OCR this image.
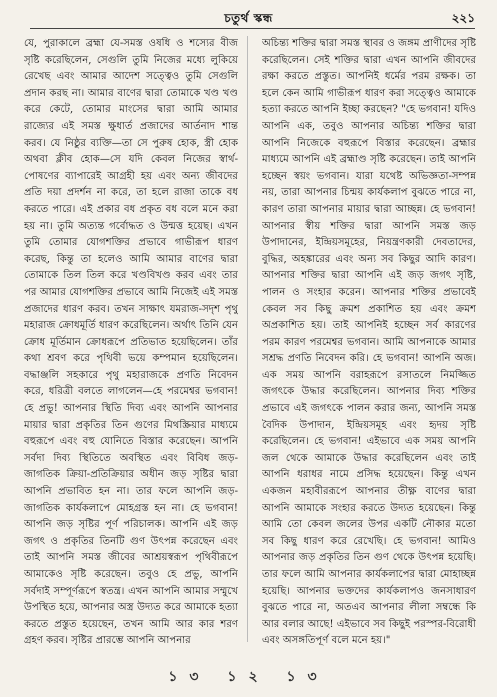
চতুর্থ স্কন্ধ	২২১

যে, পুরাকালে ব্রহ্মা যে-সমস্ত ওষধি ও শস্যের বীজ সৃষ্টি করেছিলেন, সেগুলি তুমি নিজের মধ্যে লুকিয়ে রেখেছ এবং আমার আদেশ সত্ত্বেও তুমি সেগুলি প্রদান করছ না। আমার বাণের দ্বারা তোমাকে খণ্ড খণ্ড করে কেটে, তোমার মাংসের দ্বারা আমি আমার রাজ্যের এই সমস্ত ক্ষুধার্ত প্রজাদের আর্তনাদ শান্ত করব। যে নিষ্ঠুর ব্যক্তি—তা সে পুরুষ হোক, স্ত্রী হোক অথবা ক্লীব হোক—সে যদি কেবল নিজের স্বার্থ-পোষণের ব্যাপারেই আগ্রহী হয় এবং অন্য জীবদের প্রতি দয়া প্রদর্শন না করে, তা হলে রাজা তাকে বধ করতে পারে। এই প্রকার বধ প্রকৃত বধ বলে মনে করা হয় না। তুমি অত্যন্ত গর্বোদ্ধত ও উন্মত্ত হয়েছ। এখন তুমি তোমার যোগশক্তির প্রভাবে গাভীরূপ ধারণ করেছ, কিন্তু তা হলেও আমি আমার বাণের দ্বারা তোমাকে তিল তিল করে খণ্ডবিখণ্ড করব এবং তার পর আমার যোগশক্তির প্রভাবে আমি নিজেই এই সমস্ত প্রজাদের ধারণ করব। তখন সাক্ষাৎ যমরাজ-সদৃশ পৃথু মহারাজ ক্রোধমূর্তি ধারণ করেছিলেন। অর্থাৎ তিনি যেন ক্রোধ মূর্তিমান ক্রোধরূপে প্রতিভাত হয়েছিলেন। তাঁর কথা শ্রবণ করে পৃথিবী ভয়ে কম্পমান হয়েছিলেন। বদ্ধাঞ্জলি সহকারে পৃথু মহারাজকে প্রণতি নিবেদন করে, ধরিত্রী বলতে লাগলেন—হে পরমেশ্বর ভগবান! হে প্রভু! আপনার স্থিতি দিব্য এবং আপনি আপনার মায়ার দ্বারা প্রকৃতির তিন গুণের মিথস্ক্রিয়ার মাধ্যমে বহুরূপে এবং বহু যোনিতে বিস্তার করেছেন। আপনি সর্বদা দিব্য স্থিতিতে অবস্থিত এবং বিবিধ জড়-জাগতিক ক্রিয়া-প্রতিক্রিয়ার অধীন জড় সৃষ্টির দ্বারা আপনি প্রভাবিত হন না। তার ফলে আপনি জড়-জাগতিক কার্যকলাপে মোহগ্রস্ত হন না। হে ভগবান! আপনি জড় সৃষ্টির পূর্ণ পরিচালক। আপনি এই জড় জগৎ ও প্রকৃতির তিনটি গুণ উৎপন্ন করেছেন এবং তাই আপনি সমস্ত জীবের আশ্রয়স্বরূপ পৃথিবীরূপে আমাকেও সৃষ্টি করেছেন। তবুও হে প্রভু, আপনি সর্বদাই সম্পূর্ণরূপে স্বতন্ত্র। এখন আপনি আমার সম্মুখে উপস্থিত হয়ে, আপনার অস্ত্র উদ্যত করে আমাকে হত্যা করতে প্রস্তুত হয়েছেন, তখন আমি আর কার শরণ গ্রহণ করব। সৃষ্টির প্রারম্ভে আপনি আপনার

অচিন্ত্য শক্তির দ্বারা সমস্ত স্থাবর ও জঙ্গম প্রাণীদের সৃষ্টি করেছিলেন। সেই শক্তির দ্বারা এখন আপনি জীবদের রক্ষা করতে প্রস্তুত। আপনিই ধর্মের পরম রক্ষক। তা হলে কেন আমি গাভীরূপ ধারণ করা সত্ত্বেও আমাকে হত্যা করতে আপনি ইচ্ছা করছেন? "হে ভগবান! যদিও আপনি এক, তবুও আপনার অচিন্ত্য শক্তির দ্বারা আপনি নিজেকে বহুরূপে বিস্তার করেছেন। ব্রহ্মার মাধ্যমে আপনি এই ব্রহ্মাণ্ড সৃষ্টি করেছেন। তাই আপনি হচ্ছেন স্বয়ং ভগবান। যারা যথেষ্ট অভিজ্ঞতা-সম্পন্ন নয়, তারা আপনার চিন্ময় কার্যকলাপ বুঝতে পারে না, কারণ তারা আপনার মায়ার দ্বারা আচ্ছন্ন। হে ভগবান! আপনার স্বীয় শক্তির দ্বারা আপনি সমস্ত জড় উপাদানের, ইন্দ্রিয়সমূহের, নিয়ন্ত্রণকারী দেবতাদের, বুদ্ধির, অহঙ্কারের এবং অন্য সব কিছুর আদি কারণ। আপনার শক্তির দ্বারা আপনি এই জড় জগৎ সৃষ্টি, পালন ও সংহার করেন। আপনার শক্তির প্রভাবেই কেবল সব কিছু ক্রমশ প্রকাশিত হয় এবং ক্রমশ অপ্রকাশিত হয়। তাই আপনিই হচ্ছেন সর্ব কারণের পরম কারণ পরমেশ্বর ভগবান। আমি আপনাকে আমার সশ্রদ্ধ প্রণতি নিবেদন করি। হে ভগবান! আপনি অজ। এক সময় আপনি বরাহরূপে রসাতলে নিমজ্জিত জগৎকে উদ্ধার করেছিলেন। আপনার দিব্য শক্তির প্রভাবে এই জগৎকে পালন করার জন্য, আপনি সমস্ত বৈদিক উপাদান, ইন্দ্রিয়সমূহ এবং হৃদয় সৃষ্টি করেছিলেন। হে ভগবান! এইভাবে এক সময় আপনি জল থেকে আমাকে উদ্ধার করেছিলেন এবং তাই আপনি ধরাধর নামে প্রসিদ্ধ হয়েছেন। কিন্তু এখন একজন মহাবীররূপে আপনার তীক্ষ্ণ বাণের দ্বারা আপনি আমাকে সংহার করতে উদ্যত হয়েছেন। কিন্তু আমি তো কেবল জলের উপর একটি নৌকার মতো সব কিছু ধারণ করে রেখেছি। হে ভগবান! আমিও আপনার জড় প্রকৃতির তিন গুণ থেকে উৎপন্ন হয়েছি। তার ফলে আমি আপনার কার্যকলাপের দ্বারা মোহাচ্ছন্ন হয়েছি। আপনার ভক্তদের কার্যকলাপও জনসাধারণ বুঝতে পারে না, অতএব আপনার লীলা সম্বন্ধে কি আর বলার আছে! এইভাবে সব কিছুই পরস্পর-বিরোধী এবং অসঙ্গতিপূর্ণ বলে মনে হয়।"

১৩ ১২ ১৩
